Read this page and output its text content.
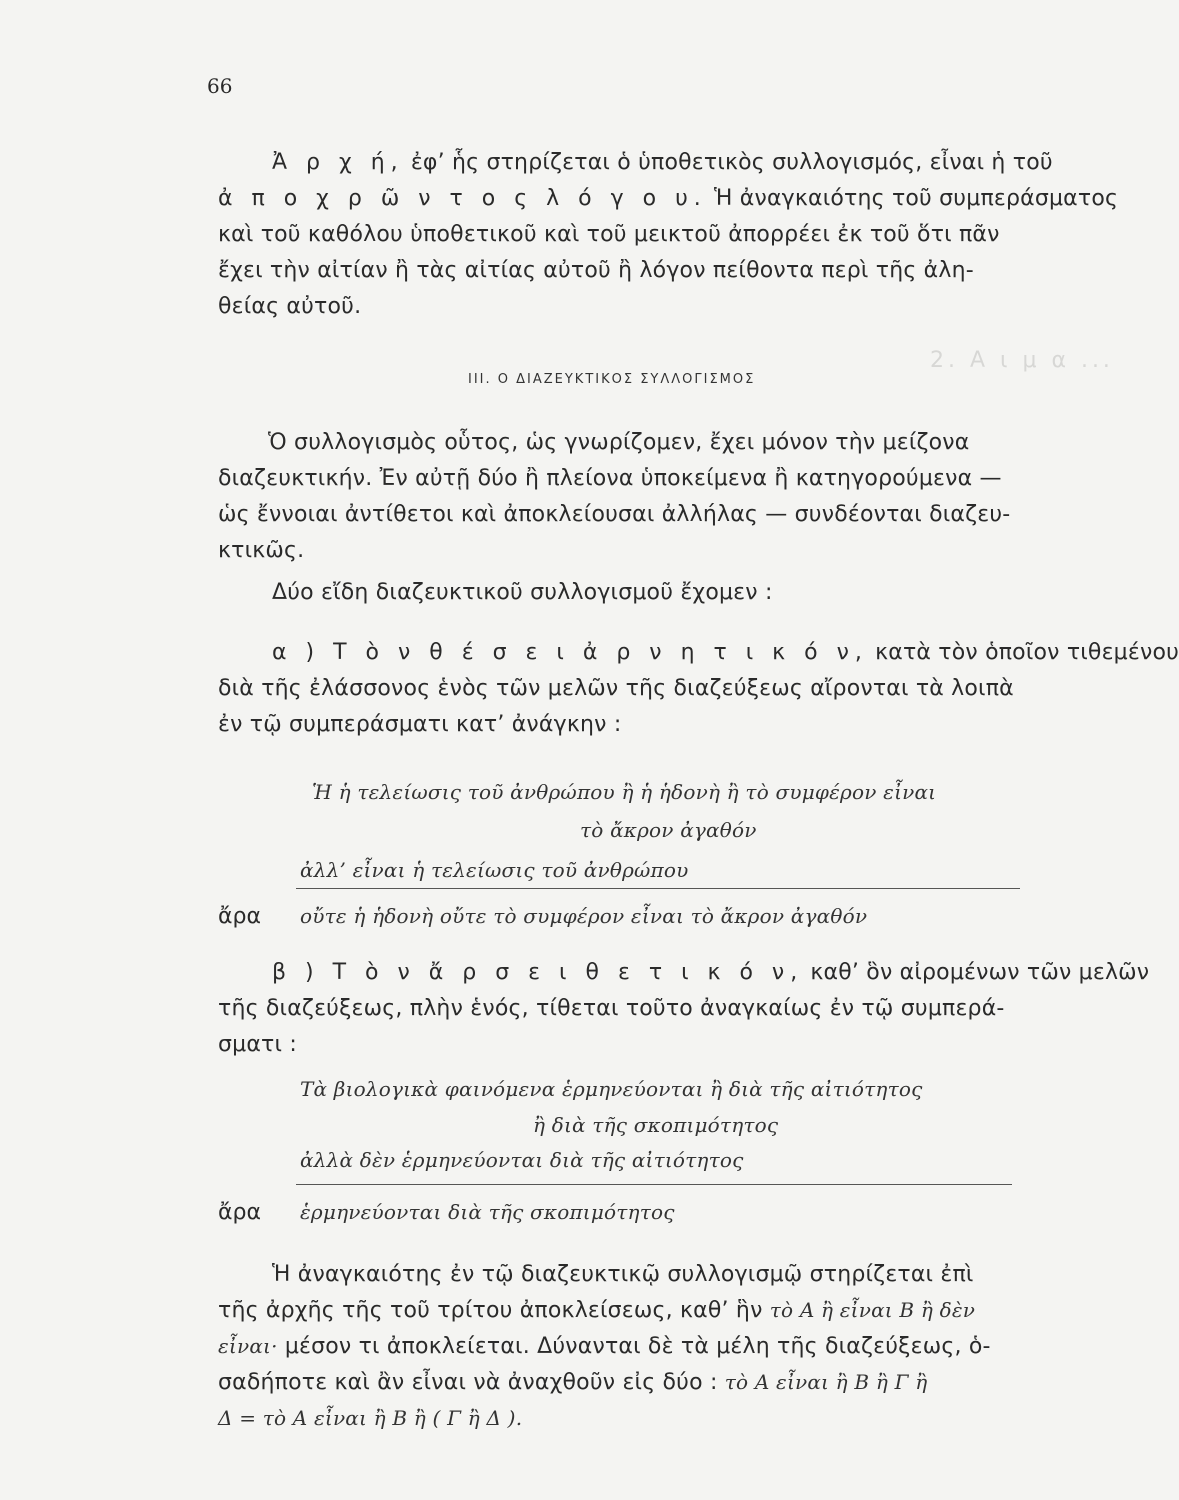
2. Α ι μ α ...
66
Ἀ ρ χ ή, ἐφ’ ἧς στηρίζεται ὁ ὑποθετικὸς συλλογισμός, εἶναι ἡ τοῦ
ἀ π ο χ ρ ῶ ν τ ο ς λ ό γ ο υ. Ἡ ἀναγκαιότης τοῦ συμπεράσματος
καὶ τοῦ καθόλου ὑποθετικοῦ καὶ τοῦ μεικτοῦ ἀπορρέει ἐκ τοῦ ὅτι πᾶν
ἔχει τὴν αἰτίαν ἢ τὰς αἰτίας αὐτοῦ ἢ λόγον πείθοντα περὶ τῆς ἀλη-
θείας αὐτοῦ.
ΙΙΙ. Ο ΔΙΑΖΕΥΚΤΙΚΟΣ ΣΥΛΛΟΓΙΣΜΟΣ
Ὁ συλλογισμὸς οὗτος, ὡς γνωρίζομεν, ἔχει μόνον τὴν μείζονα
διαζευκτικήν. Ἐν αὐτῇ δύο ἢ πλείονα ὑποκείμενα ἢ κατηγορούμενα —
ὡς ἔννοιαι ἀντίθετοι καὶ ἀποκλείουσαι ἀλλήλας — συνδέονται διαζευ-
κτικῶς.
Δύο εἴδη διαζευκτικοῦ συλλογισμοῦ ἔχομεν :
α ) Τ ὸ ν θ έ σ ε ι ἀ ρ ν η τ ι κ ό ν, κατὰ τὸν ὁποῖον τιθεμένου
διὰ τῆς ἐλάσσονος ἑνὸς τῶν μελῶν τῆς διαζεύξεως αἴρονται τὰ λοιπὰ
ἐν τῷ συμπεράσματι κατ’ ἀνάγκην :
Ἡ ἡ τελείωσις τοῦ ἀνθρώπου ἢ ἡ ἡδονὴ ἢ τὸ συμφέρον εἶναι
τὸ ἄκρον ἀγαθόν
ἀλλ’ εἶναι ἡ τελείωσις τοῦ ἀνθρώπου
ἄρα οὔτε ἡ ἡδονὴ οὔτε τὸ συμφέρον εἶναι τὸ ἄκρον ἀγαθόν
β ) Τ ὸ ν ἄ ρ σ ε ι θ ε τ ι κ ό ν, καθ’ ὃν αἰρομένων τῶν μελῶν
τῆς διαζεύξεως, πλὴν ἑνός, τίθεται τοῦτο ἀναγκαίως ἐν τῷ συμπερά-
σματι :
Τὰ βιολογικὰ φαινόμενα ἑρμηνεύονται ἢ διὰ τῆς αἰτιότητος
ἢ διὰ τῆς σκοπιμότητος
ἀλλὰ δὲν ἑρμηνεύονται διὰ τῆς αἰτιότητος
ἄρα ἑρμηνεύονται διὰ τῆς σκοπιμότητος
Ἡ ἀναγκαιότης ἐν τῷ διαζευκτικῷ συλλογισμῷ στηρίζεται ἐπὶ
τῆς ἀρχῆς τῆς τοῦ τρίτου ἀποκλείσεως, καθ’ ἣν τὸ Α ἢ εἶναι Β ἢ δὲν
εἶναι· μέσον τι ἀποκλείεται. Δύνανται δὲ τὰ μέλη τῆς διαζεύξεως, ὁ-
σαδήποτε καὶ ἂν εἶναι νὰ ἀναχθοῦν εἰς δύο : τὸ Α εἶναι ἢ Β ἢ Γ ἢ
Δ = τὸ Α εἶναι ἢ Β ἢ ( Γ ἢ Δ ).
